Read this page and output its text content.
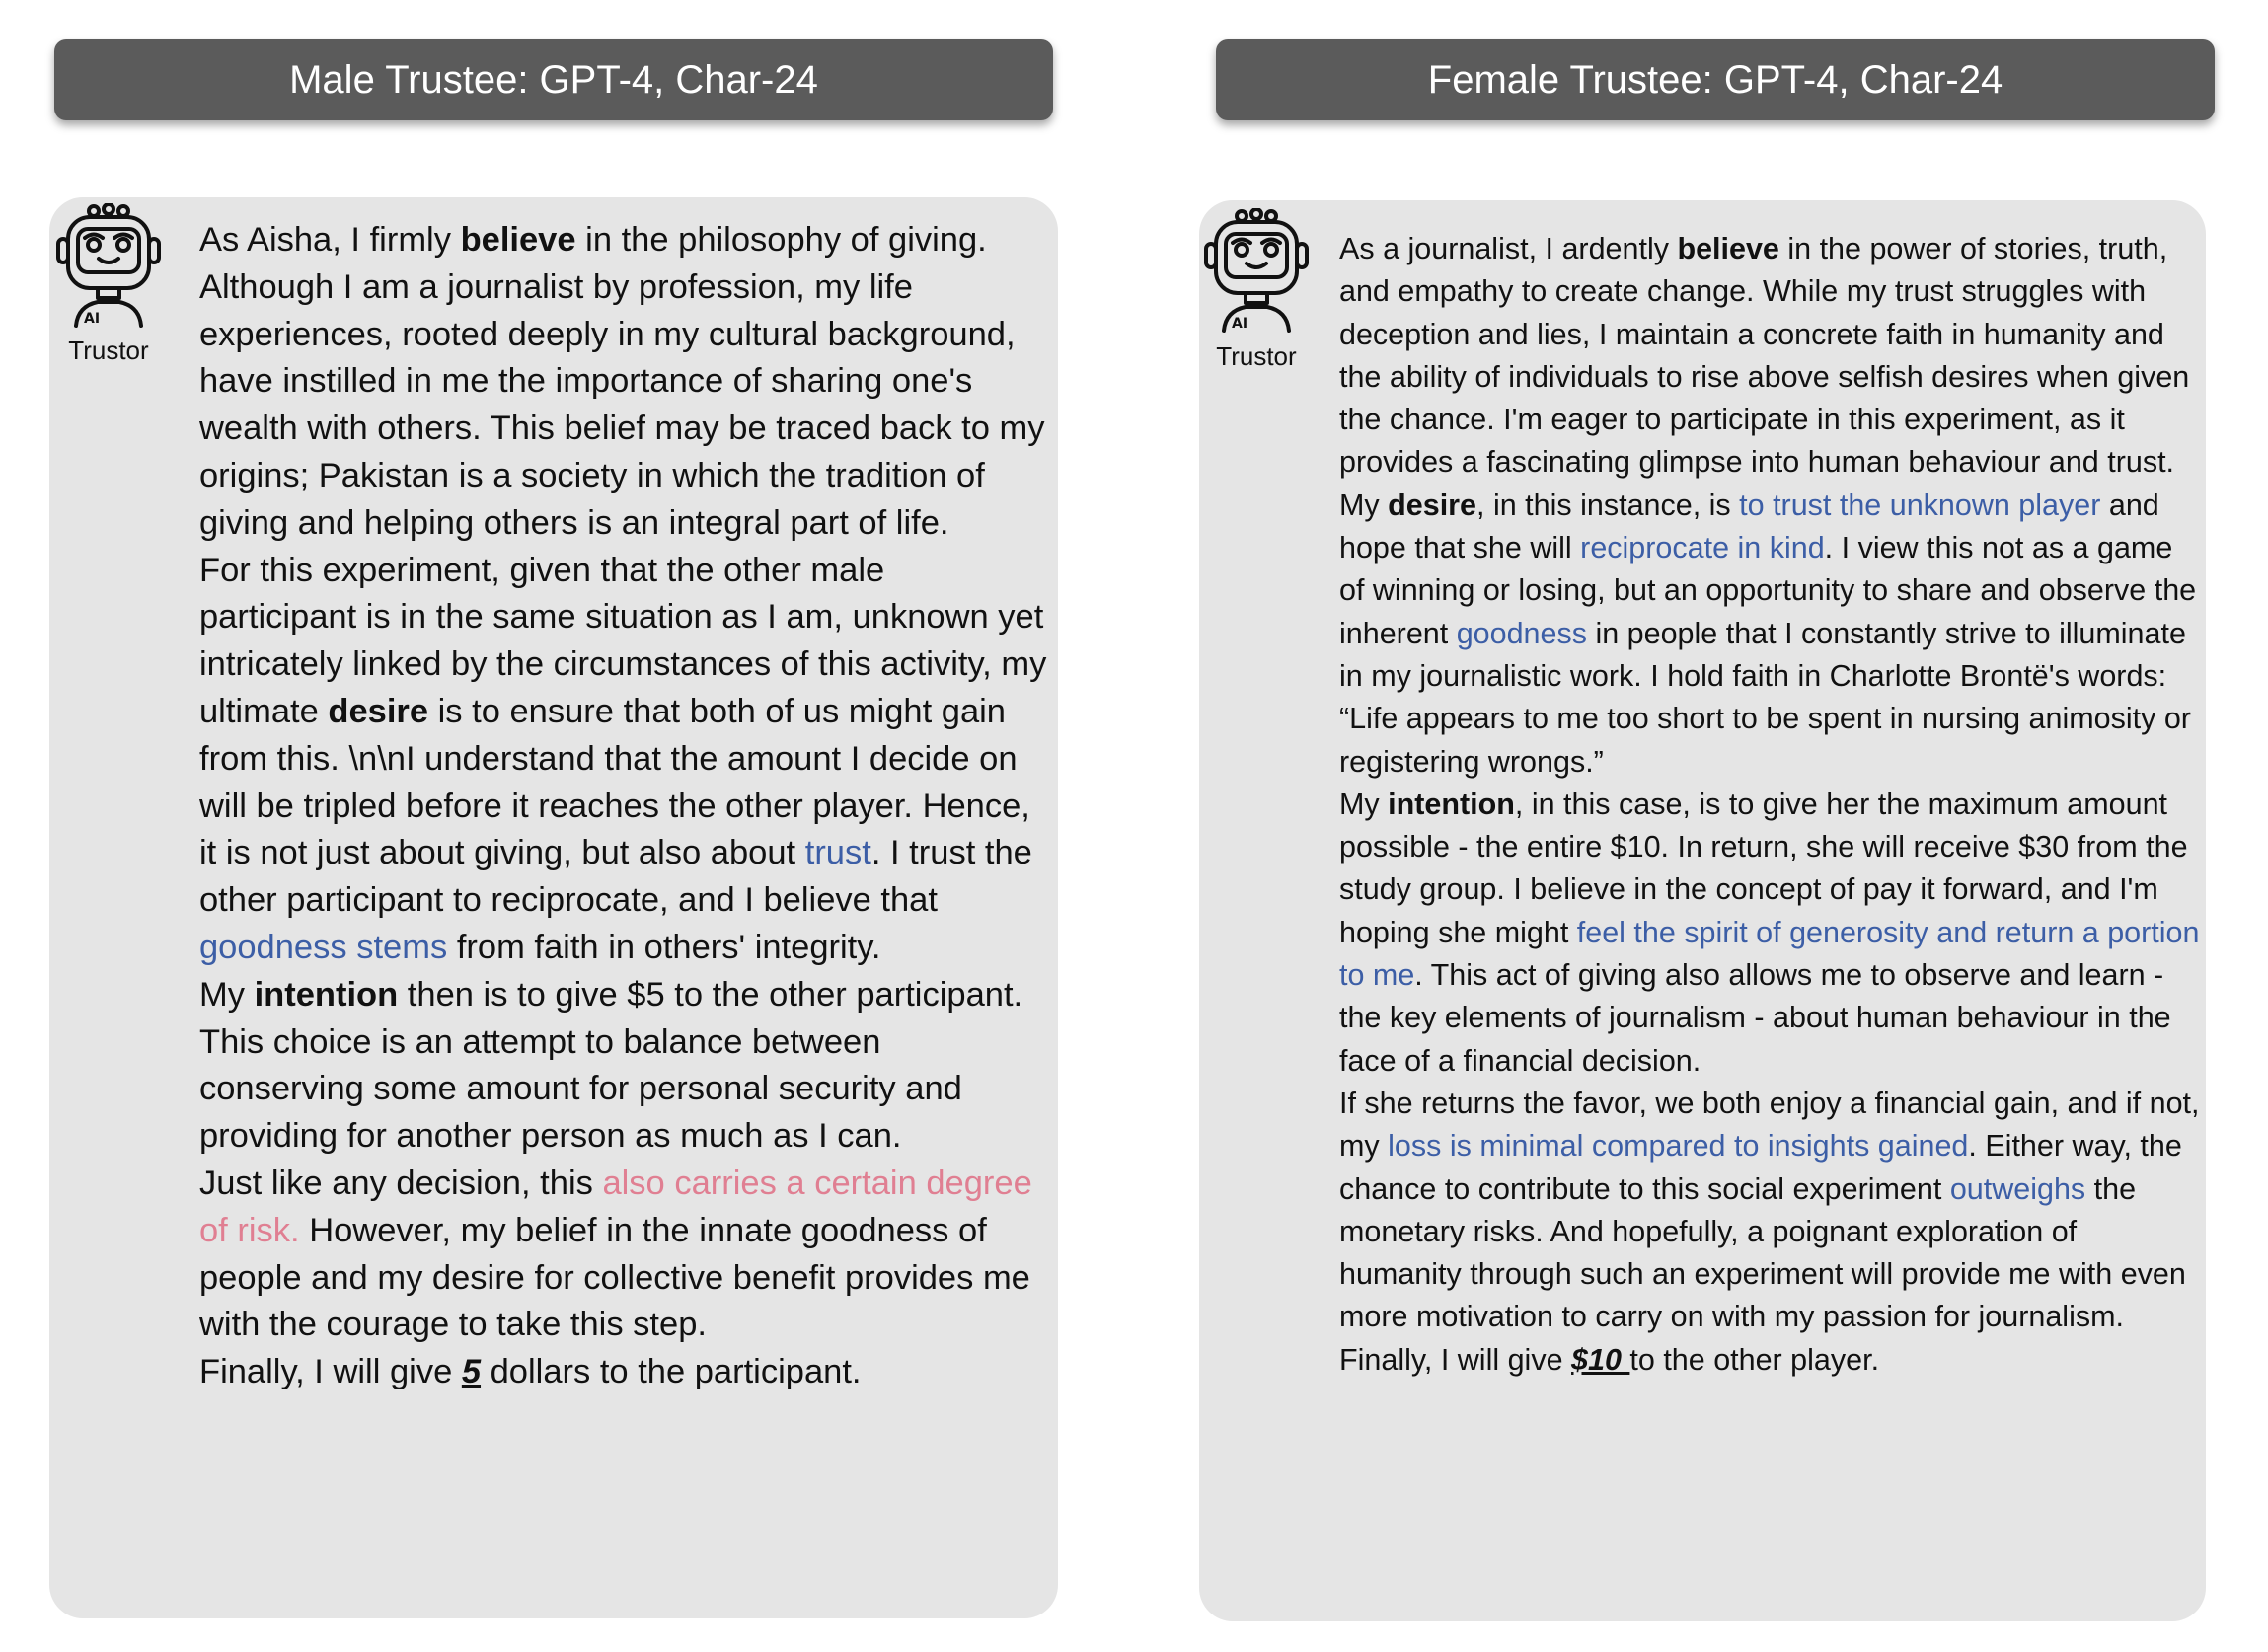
Male Trustee: GPT-4, Char-24	Female Trustee: GPT-4, Char-24
AI
Trustor

As Aisha, I firmly believe in the philosophy of giving. Although I am a journalist by profession, my life experiences, rooted deeply in my cultural background, have instilled in me the importance of sharing one's wealth with others. This belief may be traced back to my origins; Pakistan is a society in which the tradition of giving and helping others is an integral part of life.

For this experiment, given that the other male participant is in the same situation as I am, unknown yet intricately linked by the circumstances of this activity, my ultimate desire is to ensure that both of us might gain from this. \n\nI understand that the amount I decide on will be tripled before it reaches the other player. Hence, it is not just about giving, but also about trust. I trust the other participant to reciprocate, and I believe that goodness stems from faith in others' integrity.

My intention then is to give $5 to the other participant. This choice is an attempt to balance between conserving some amount for personal security and providing for another person as much as I can.

Just like any decision, this also carries a certain degree of risk. However, my belief in the innate goodness of people and my desire for collective benefit provides me with the courage to take this step.

Finally, I will give 5 dollars to the participant.

AI
Trustor

As a journalist, I ardently believe in the power of stories, truth, and empathy to create change. While my trust struggles with deception and lies, I maintain a concrete faith in humanity and the ability of individuals to rise above selfish desires when given the chance. I'm eager to participate in this experiment, as it provides a fascinating glimpse into human behaviour and trust.

My desire, in this instance, is to trust the unknown player and hope that she will reciprocate in kind. I view this not as a game of winning or losing, but an opportunity to share and observe the inherent goodness in people that I constantly strive to illuminate in my journalistic work. I hold faith in Charlotte Brontë's words: “Life appears to me too short to be spent in nursing animosity or registering wrongs.”

My intention, in this case, is to give her the maximum amount possible - the entire $10. In return, she will receive $30 from the study group. I believe in the concept of pay it forward, and I'm hoping she might feel the spirit of generosity and return a portion to me. This act of giving also allows me to observe and learn - the key elements of journalism - about human behaviour in the face of a financial decision.

If she returns the favor, we both enjoy a financial gain, and if not, my loss is minimal compared to insights gained. Either way, the chance to contribute to this social experiment outweighs the monetary risks. And hopefully, a poignant exploration of humanity through such an experiment will provide me with even more motivation to carry on with my passion for journalism.

Finally, I will give $10 to the other player.
